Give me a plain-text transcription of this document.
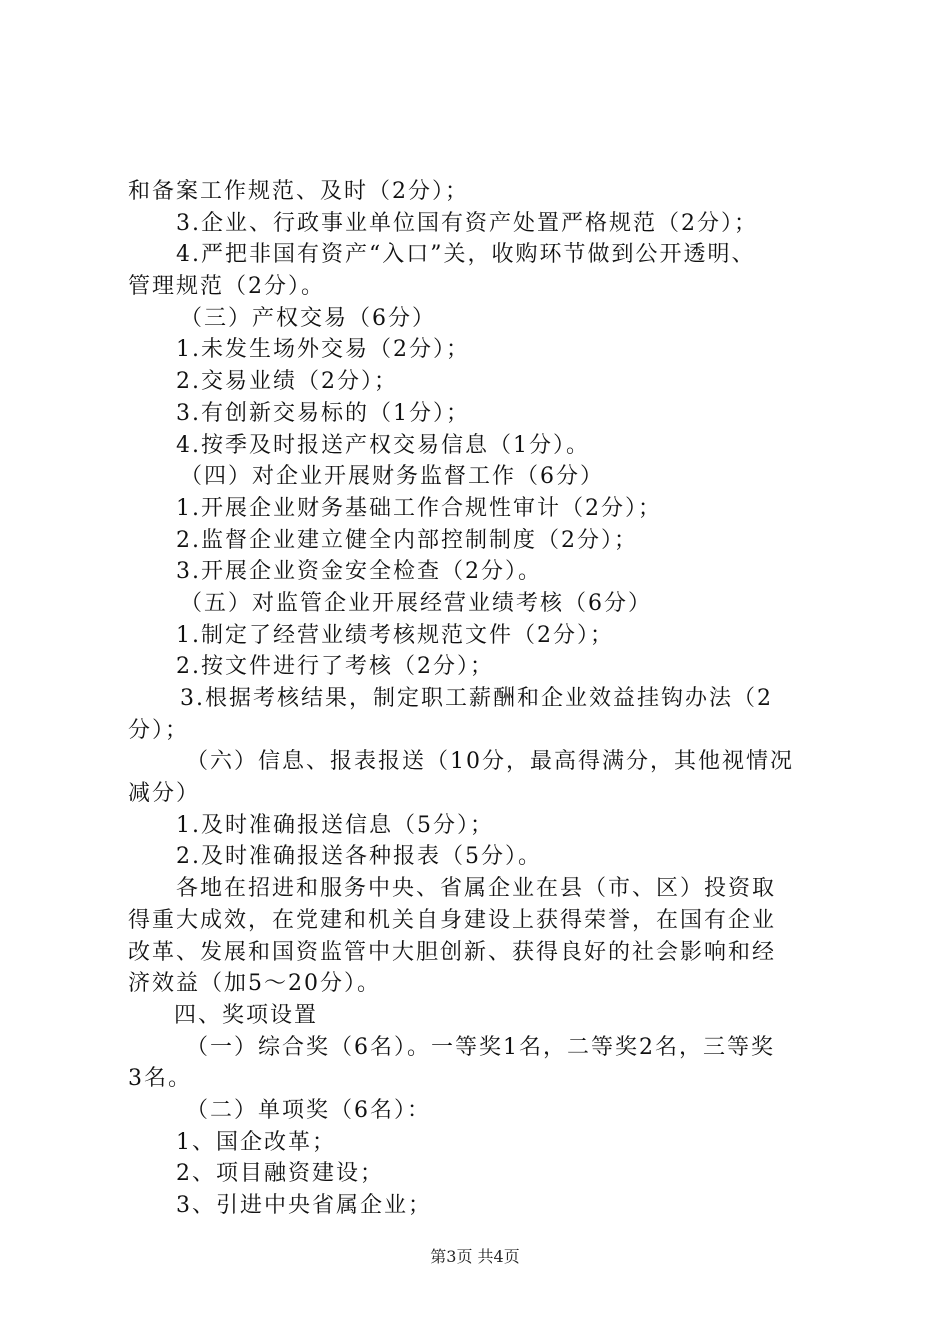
和备案工作规范、及时（2分）；
3.企业、行政事业单位国有资产处置严格规范（2分）；
4.严把非国有资产“入口”关，收购环节做到公开透明、
管理规范（2分）。
（三）产权交易（6分）
1.未发生场外交易（2分）；
2.交易业绩（2分）；
3.有创新交易标的（1分）；
4.按季及时报送产权交易信息（1分）。
（四）对企业开展财务监督工作（6分）
1.开展企业财务基础工作合规性审计（2分）；
2.监督企业建立健全内部控制制度（2分）；
3.开展企业资金安全检查（2分）。
（五）对监管企业开展经营业绩考核（6分）
1.制定了经营业绩考核规范文件（2分）；
2.按文件进行了考核（2分）；
3.根据考核结果，制定职工薪酬和企业效益挂钩办法（2
分）；
（六）信息、报表报送（10分，最高得满分，其他视情况
减分）
1.及时准确报送信息（5分）；
2.及时准确报送各种报表（5分）。
各地在招进和服务中央、省属企业在县（市、区）投资取
得重大成效，在党建和机关自身建设上获得荣誉，在国有企业
改革、发展和国资监管中大胆创新、获得良好的社会影响和经
济效益（加5～20分）。
四、奖项设置
（一）综合奖（6名）。一等奖1名，二等奖2名，三等奖
3名。
（二）单项奖（6名）：
1、国企改革；
2、项目融资建设；
3、引进中央省属企业；
第3页 共4页
